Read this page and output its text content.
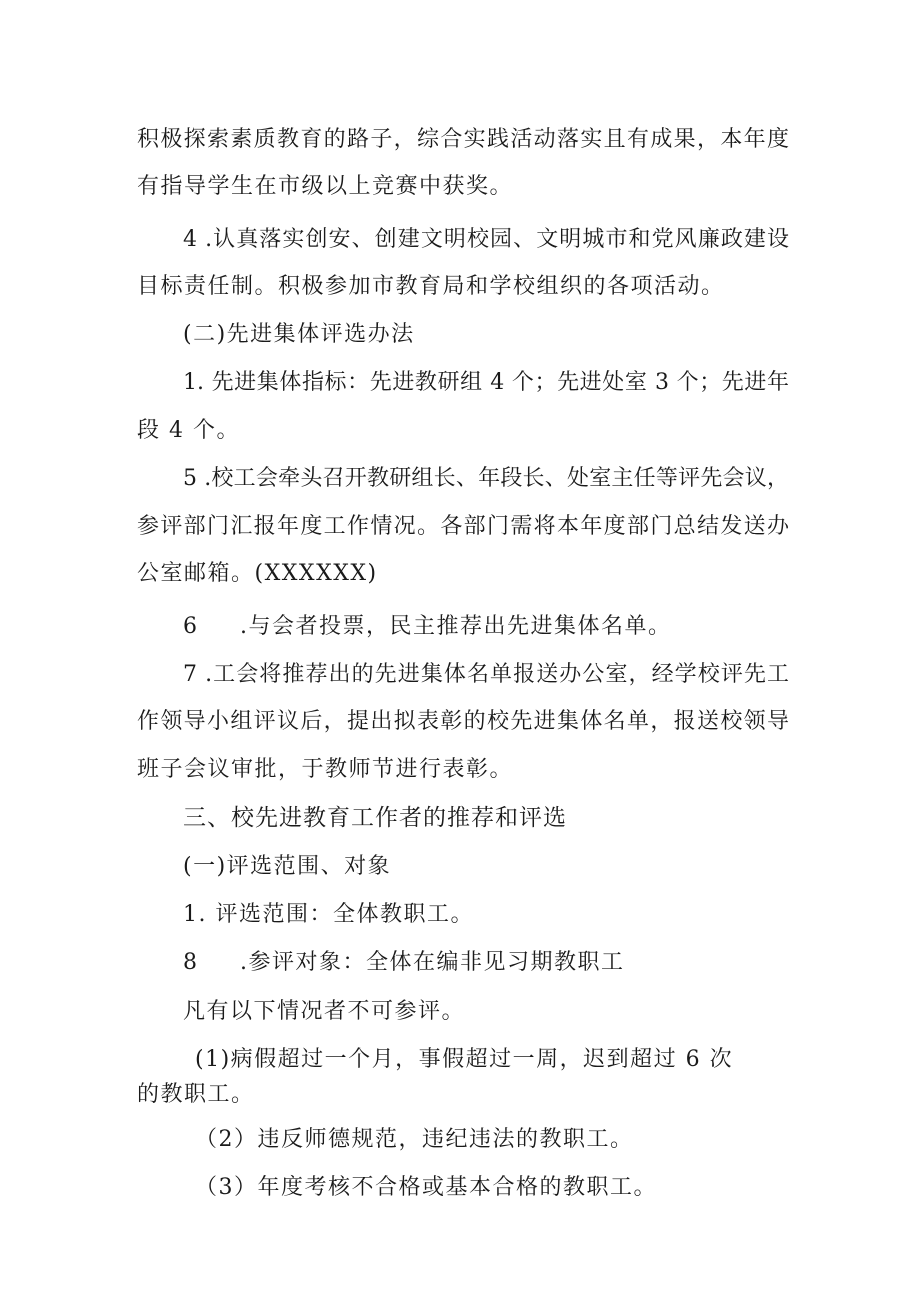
积极探索素质教育的路子，综合实践活动落实且有成果，本年度
有指导学生在市级以上竞赛中获奖。
4 .认真落实创安、创建文明校园、文明城市和党风廉政建设
目标责任制。积极参加市教育局和学校组织的各项活动。
(二)先进集体评选办法
1. 先进集体指标：先进教研组 4 个；先进处室 3 个；先进年
段 4 个。
5 .校工会牵头召开教研组长、年段长、处室主任等评先会议，
参评部门汇报年度工作情况。各部门需将本年度部门总结发送办
公室邮箱。(XXXXXX)
6 .与会者投票，民主推荐出先进集体名单。
7 .工会将推荐出的先进集体名单报送办公室，经学校评先工
作领导小组评议后，提出拟表彰的校先进集体名单，报送校领导
班子会议审批，于教师节进行表彰。
三、校先进教育工作者的推荐和评选
(一)评选范围、对象
1. 评选范围：全体教职工。
8 .参评对象：全体在编非见习期教职工
凡有以下情况者不可参评。
(1)病假超过一个月，事假超过一周，迟到超过 6 次
的教职工。
（2）违反师德规范，违纪违法的教职工。
（3）年度考核不合格或基本合格的教职工。
